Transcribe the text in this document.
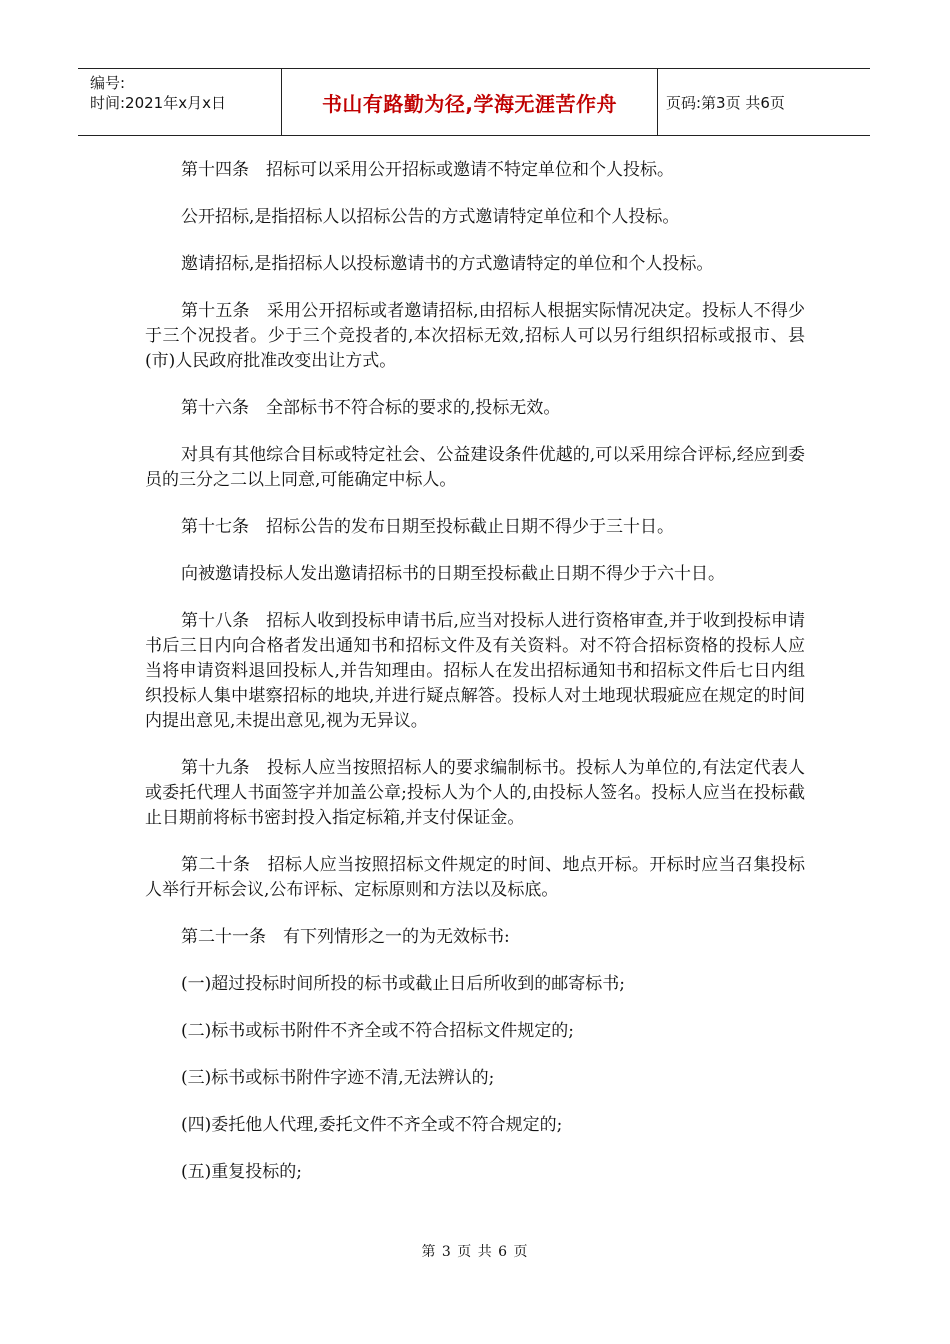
编号:
时间:2021年x月x日	书山有路勤为径,学海无涯苦作舟	页码:第3页 共6页

第十四条　招标可以采用公开招标或邀请不特定单位和个人投标。

公开招标,是指招标人以招标公告的方式邀请特定单位和个人投标。

邀请招标,是指招标人以投标邀请书的方式邀请特定的单位和个人投标。

第十五条　采用公开招标或者邀请招标,由招标人根据实际情况决定。投标人不得少于三个况投者。少于三个竞投者的,本次招标无效,招标人可以另行组织招标或报市、县(市)人民政府批准改变出让方式。

第十六条　全部标书不符合标的要求的,投标无效。

对具有其他综合目标或特定社会、公益建设条件优越的,可以采用综合评标,经应到委员的三分之二以上同意,可能确定中标人。

第十七条　招标公告的发布日期至投标截止日期不得少于三十日。

向被邀请投标人发出邀请招标书的日期至投标截止日期不得少于六十日。

第十八条　招标人收到投标申请书后,应当对投标人进行资格审查,并于收到投标申请书后三日内向合格者发出通知书和招标文件及有关资料。对不符合招标资格的投标人应当将申请资料退回投标人,并告知理由。招标人在发出招标通知书和招标文件后七日内组织投标人集中堪察招标的地块,并进行疑点解答。投标人对土地现状瑕疵应在规定的时间内提出意见,未提出意见,视为无异议。

第十九条　投标人应当按照招标人的要求编制标书。投标人为单位的,有法定代表人或委托代理人书面签字并加盖公章;投标人为个人的,由投标人签名。投标人应当在投标截止日期前将标书密封投入指定标箱,并支付保证金。

第二十条　招标人应当按照招标文件规定的时间、地点开标。开标时应当召集投标人举行开标会议,公布评标、定标原则和方法以及标底。

第二十一条　有下列情形之一的为无效标书:

(一)超过投标时间所投的标书或截止日后所收到的邮寄标书;

(二)标书或标书附件不齐全或不符合招标文件规定的;

(三)标书或标书附件字迹不清,无法辨认的;

(四)委托他人代理,委托文件不齐全或不符合规定的;

(五)重复投标的;

第 3 页 共 6 页
